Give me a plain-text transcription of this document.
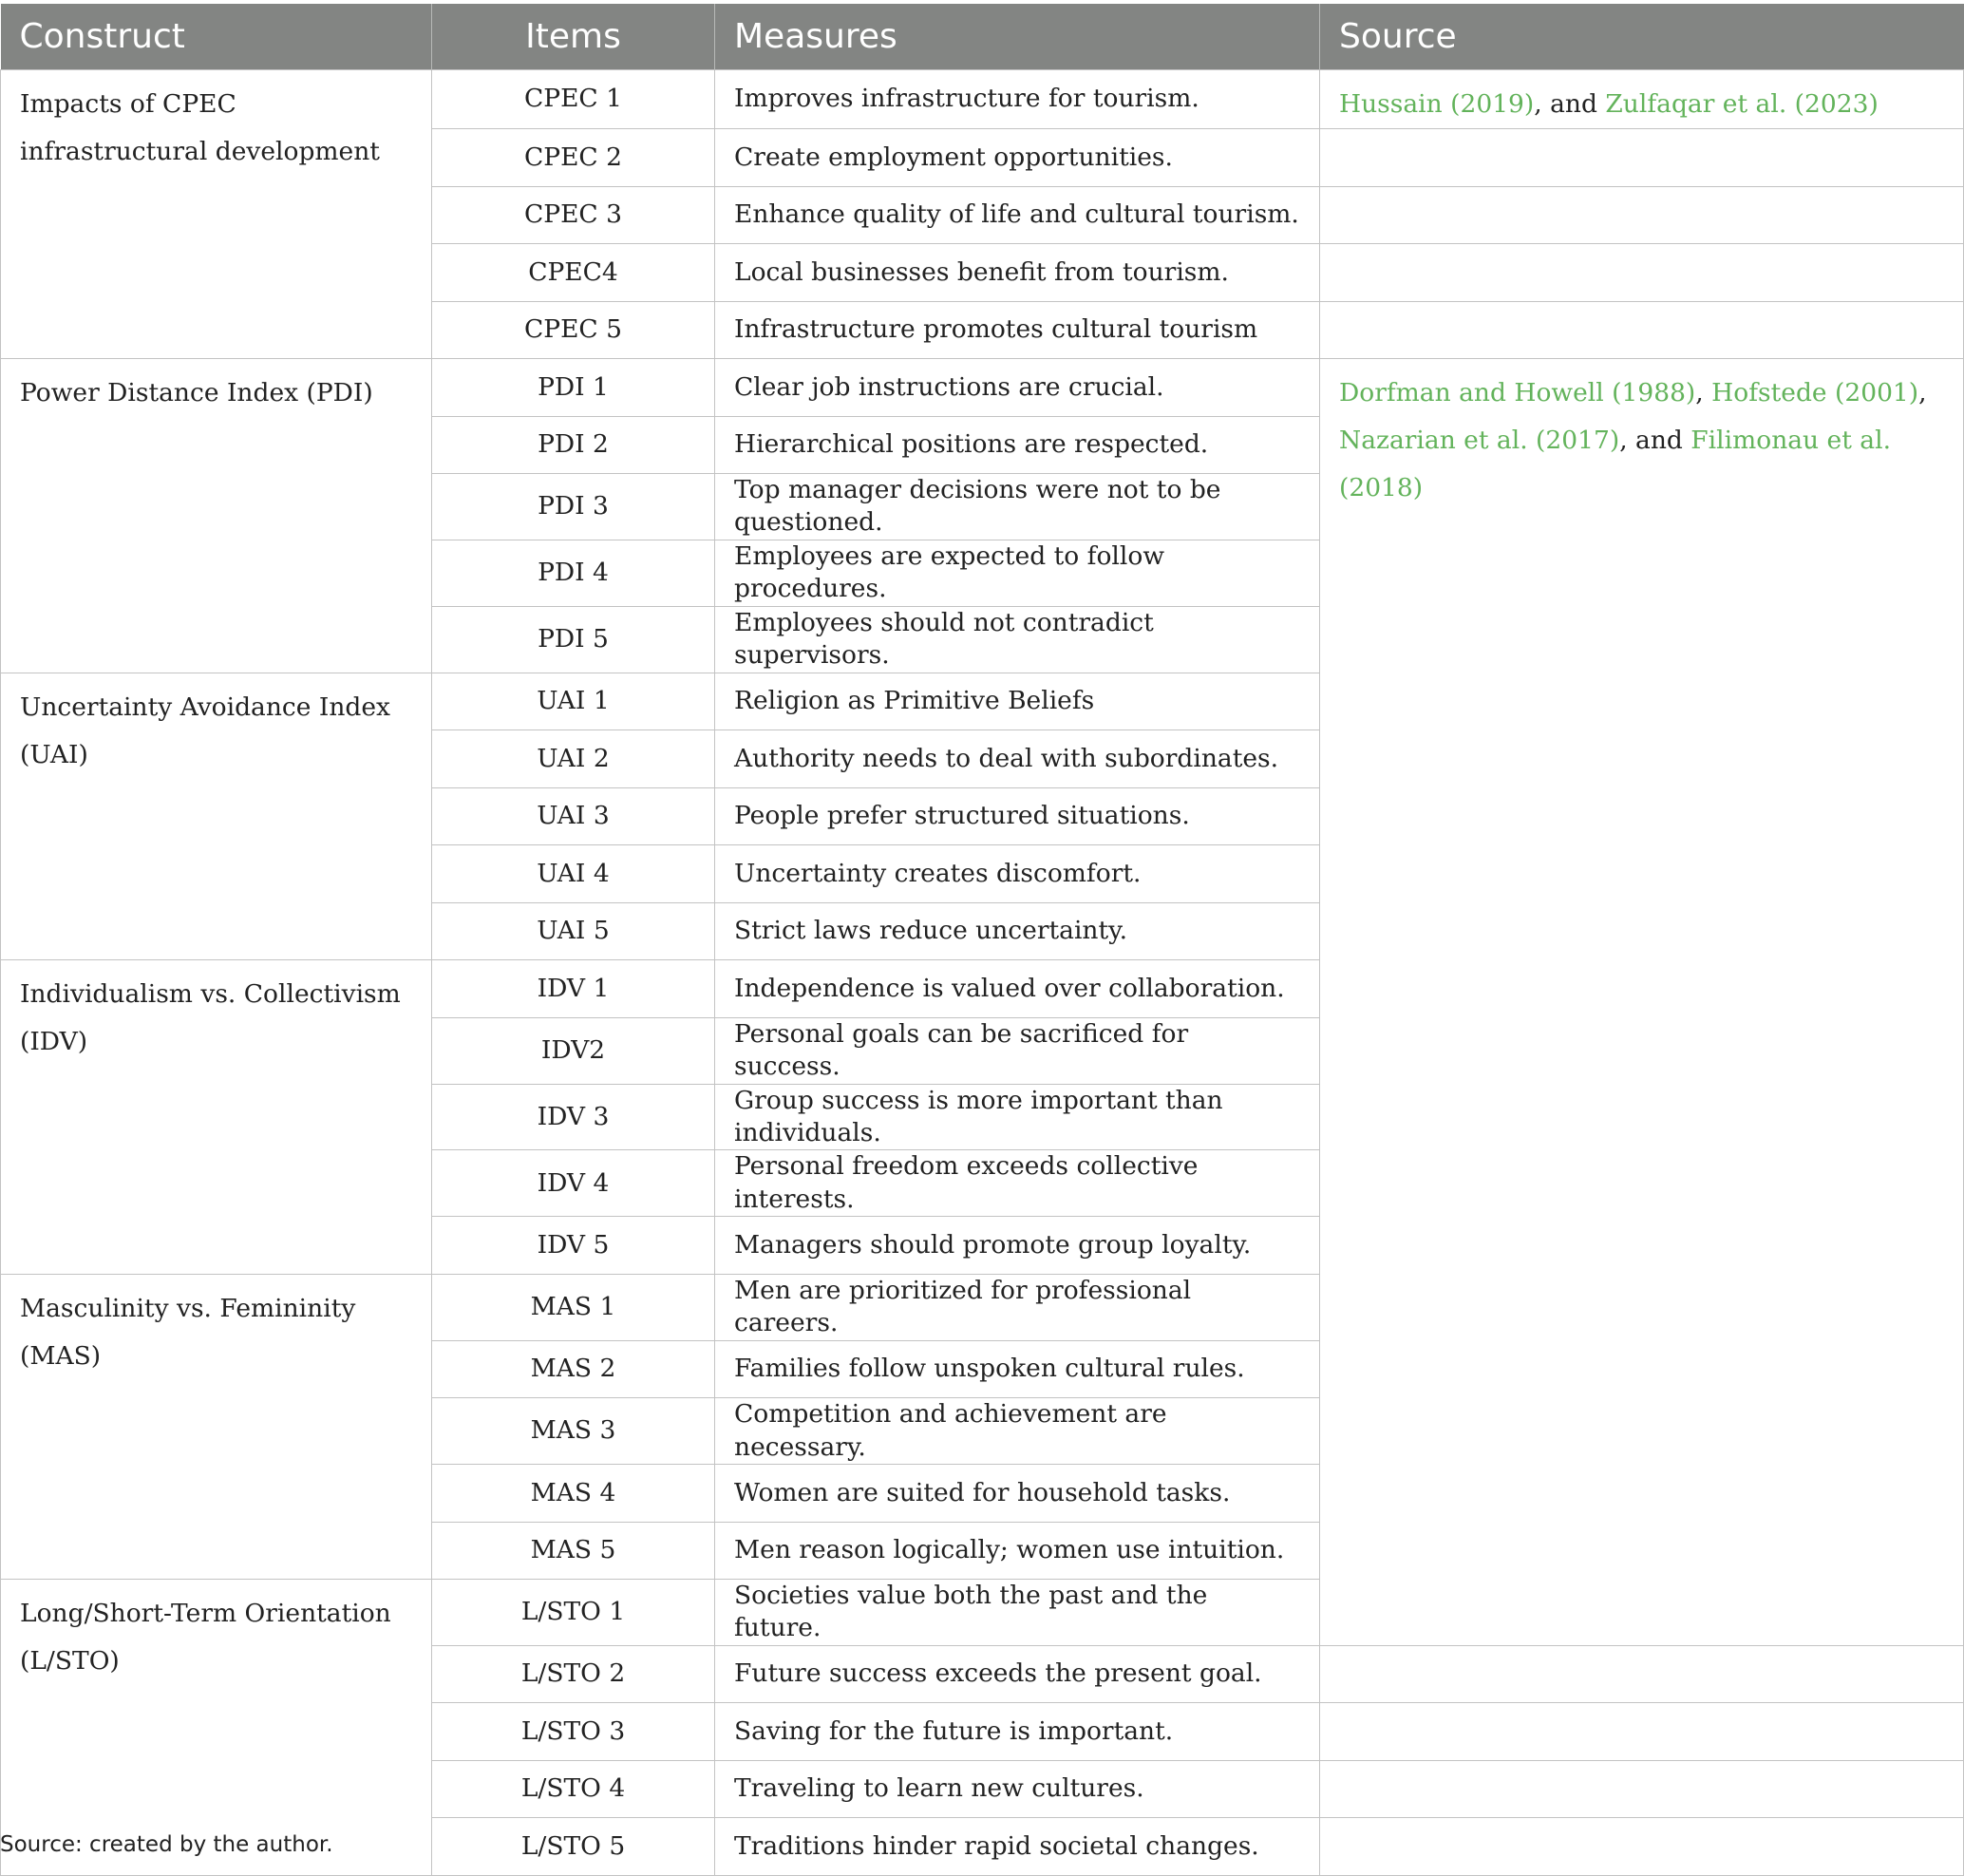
Construct	Items	Measures	Source
Impacts of CPEC infrastructural development	CPEC 1	Improves infrastructure for tourism.	Hussain (2019), and Zulfaqar et al. (2023)
	CPEC 2	Create employment opportunities.	
	CPEC 3	Enhance quality of life and cultural tourism.	
	CPEC4	Local businesses benefit from tourism.	
	CPEC 5	Infrastructure promotes cultural tourism	
Power Distance Index (PDI)	PDI 1	Clear job instructions are crucial.	Dorfman and Howell (1988), Hofstede (2001), Nazarian et al. (2017), and Filimonau et al. (2018)
	PDI 2	Hierarchical positions are respected.	
	PDI 3	Top manager decisions were not to be questioned.	
	PDI 4	Employees are expected to follow procedures.	
	PDI 5	Employees should not contradict supervisors.	
Uncertainty Avoidance Index (UAI)	UAI 1	Religion as Primitive Beliefs	
	UAI 2	Authority needs to deal with subordinates.	
	UAI 3	People prefer structured situations.	
	UAI 4	Uncertainty creates discomfort.	
	UAI 5	Strict laws reduce uncertainty.	
Individualism vs. Collectivism (IDV)	IDV 1	Independence is valued over collaboration.	
	IDV2	Personal goals can be sacrificed for success.	
	IDV 3	Group success is more important than individuals.	
	IDV 4	Personal freedom exceeds collective interests.	
	IDV 5	Managers should promote group loyalty.	
Masculinity vs. Femininity (MAS)	MAS 1	Men are prioritized for professional careers.	
	MAS 2	Families follow unspoken cultural rules.	
	MAS 3	Competition and achievement are necessary.	
	MAS 4	Women are suited for household tasks.	
	MAS 5	Men reason logically; women use intuition.	
Long/Short-Term Orientation (L/STO)	L/STO 1	Societies value both the past and the future.	
	L/STO 2	Future success exceeds the present goal.	
	L/STO 3	Saving for the future is important.	
	L/STO 4	Traveling to learn new cultures.	
	L/STO 5	Traditions hinder rapid societal changes.	
Source: created by the author.
